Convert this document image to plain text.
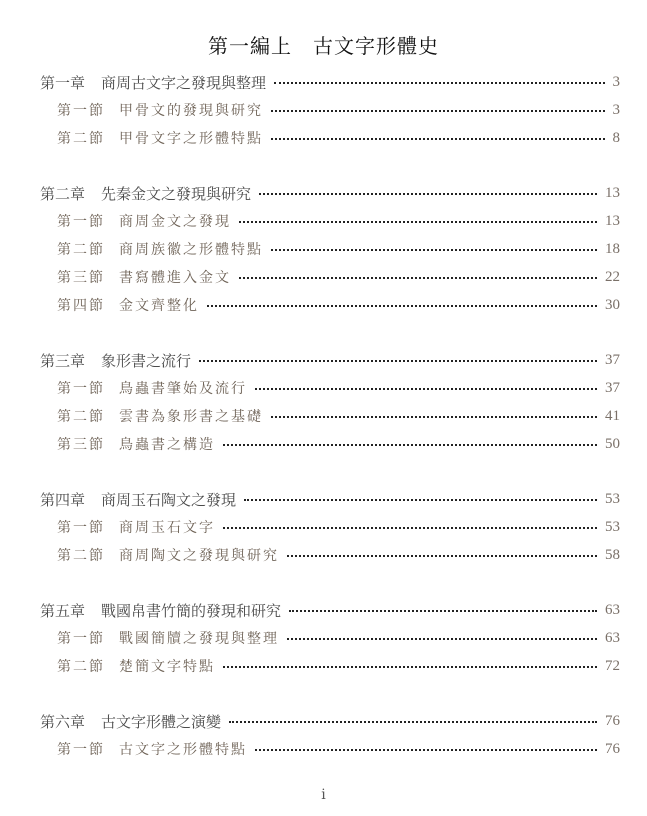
第一編上　古文字形體史
第一章 商周古文字之發現與整理	3
第一節 甲骨文的發現與研究	3
第二節 甲骨文字之形體特點	8
第二章 先秦金文之發現與研究	13
第一節 商周金文之發現	13
第二節 商周族徽之形體特點	18
第三節 書寫體進入金文	22
第四節 金文齊整化	30
第三章 象形書之流行	37
第一節 鳥蟲書肇始及流行	37
第二節 雲書為象形書之基礎	41
第三節 鳥蟲書之構造	50
第四章 商周玉石陶文之發現	53
第一節 商周玉石文字	53
第二節 商周陶文之發現與研究	58
第五章 戰國帛書竹簡的發現和研究	63
第一節 戰國簡牘之發現與整理	63
第二節 楚簡文字特點	72
第六章 古文字形體之演變	76
第一節 古文字之形體特點	76
i
